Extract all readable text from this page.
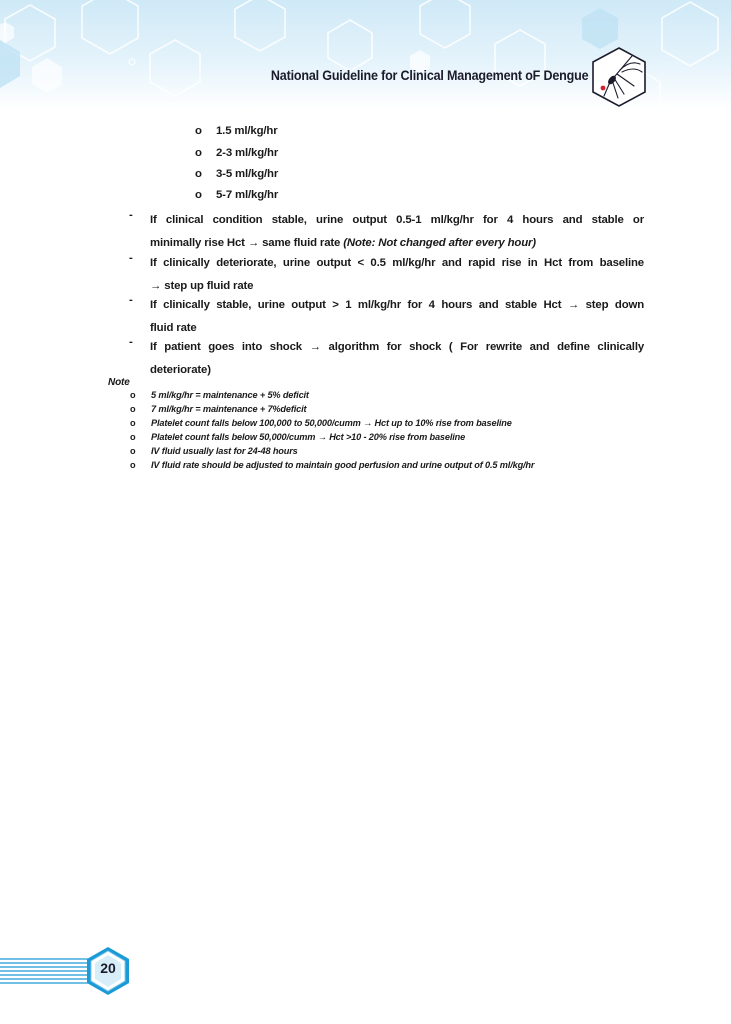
National Guideline for Clinical Management oF Dengue
o 1.5 ml/kg/hr
o 2-3 ml/kg/hr
o 3-5 ml/kg/hr
o 5-7 ml/kg/hr
- If clinical condition stable, urine output 0.5-1 ml/kg/hr for 4 hours and stable or
minimally rise Hct → same fluid rate (Note: Not changed after every hour)
- If clinically deteriorate, urine output < 0.5 ml/kg/hr and rapid rise in Hct from baseline
→ step up fluid rate
- If clinically stable, urine output > 1 ml/kg/hr for 4 hours and stable Hct → step down
fluid rate
- If patient goes into shock → algorithm for shock ( For rewrite and define clinically
deteriorate)
Note
o 5 ml/kg/hr = maintenance + 5% deficit
o 7 ml/kg/hr = maintenance + 7%deficit
o Platelet count falls below 100,000 to 50,000/cumm → Hct up to 10% rise from baseline
o Platelet count falls below 50,000/cumm → Hct >10 - 20% rise from baseline
o IV fluid usually last for 24-48 hours
o IV fluid rate should be adjusted to maintain good perfusion and urine output of 0.5 ml/kg/hr
20
